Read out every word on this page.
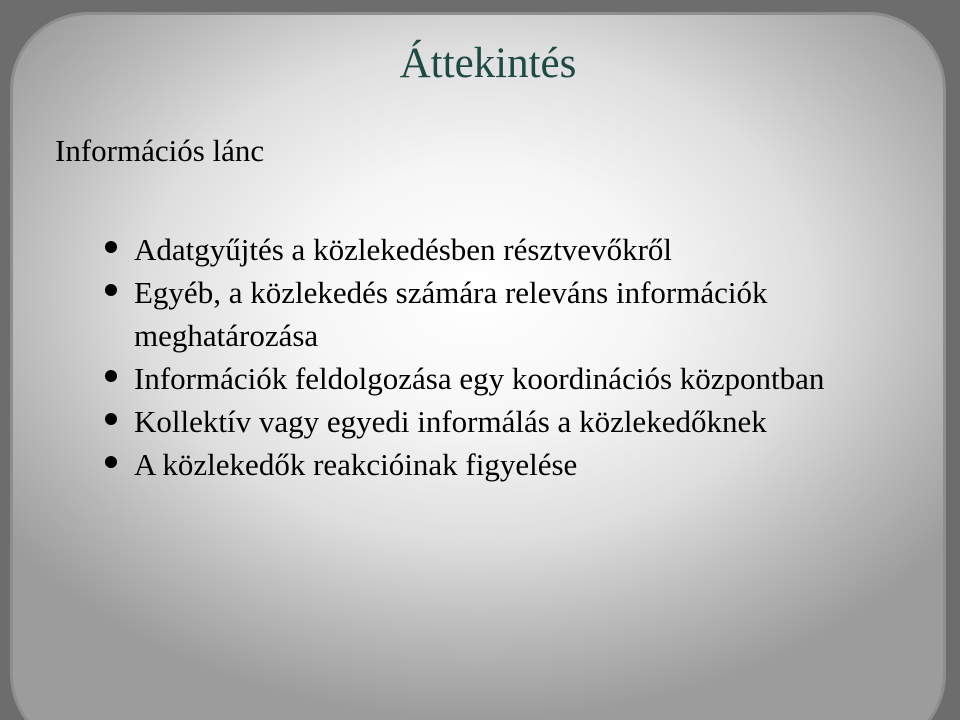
Áttekintés
Információs lánc
Adatgyűjtés a közlekedésben résztvevőkről
Egyéb, a közlekedés számára releváns információk meghatározása
Információk feldolgozása egy koordinációs központban
Kollektív vagy egyedi informálás a közlekedőknek
A közlekedők reakcióinak figyelése
